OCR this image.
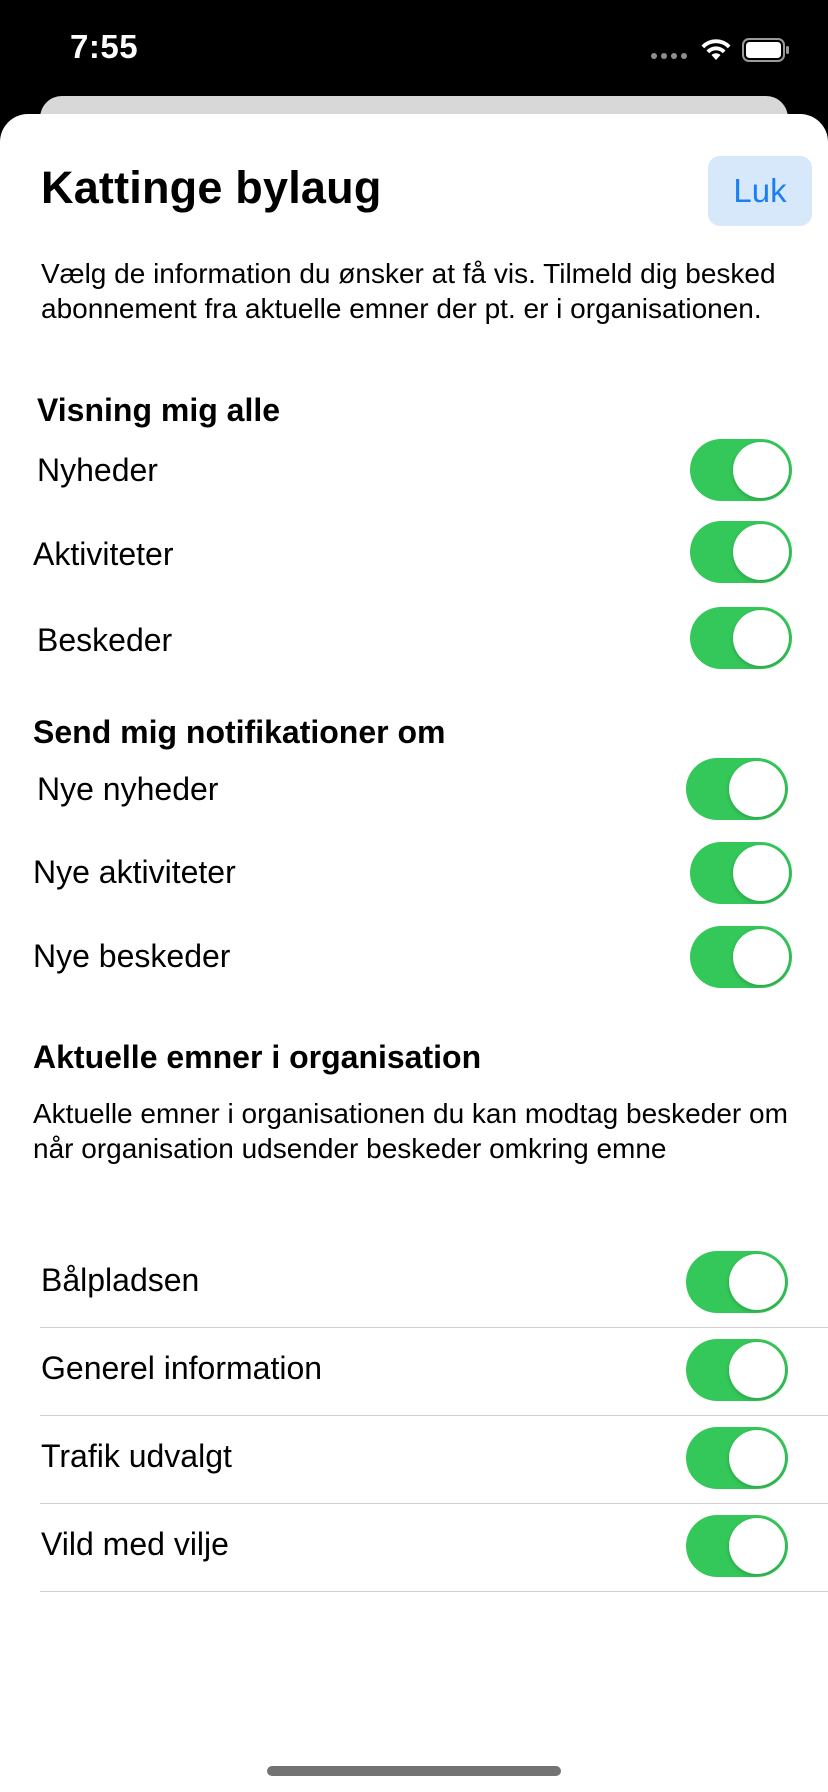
7:55
Kattinge bylaug	Luk
Vælg de information du ønsker at få vis. Tilmeld dig besked abonnement fra aktuelle emner der pt. er i organisationen.
Visning mig alle
Nyheder
Aktiviteter
Beskeder
Send mig notifikationer om
Nye nyheder
Nye aktiviteter
Nye beskeder
Aktuelle emner i organisation
Aktuelle emner i organisationen du kan modtag beskeder om når organisation udsender beskeder omkring emne
Bålpladsen
Generel information
Trafik udvalgt
Vild med vilje
